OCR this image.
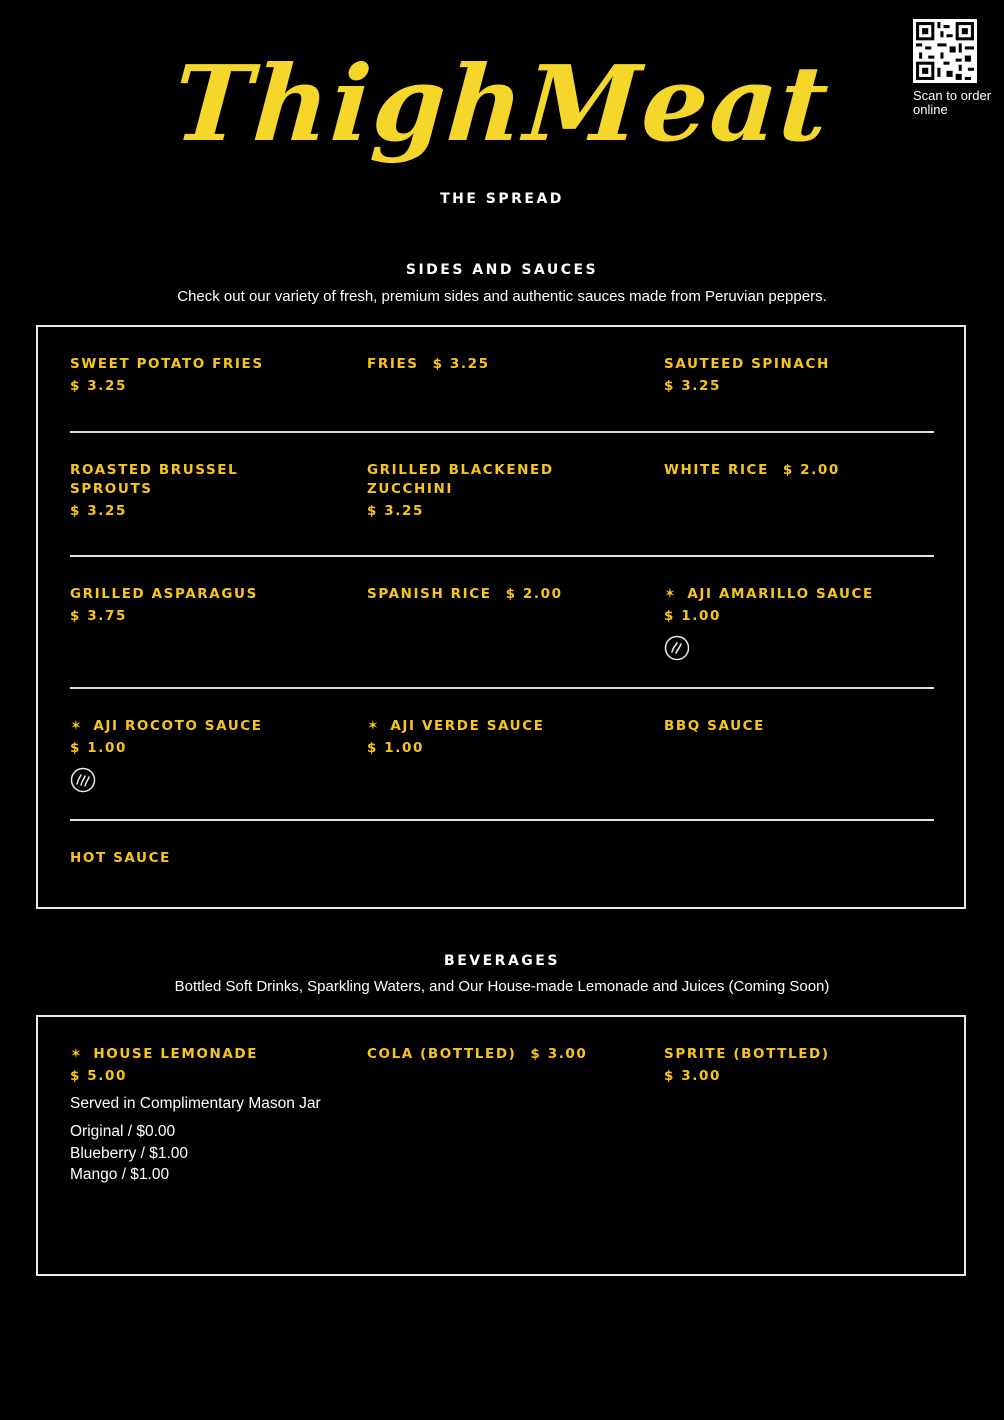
ThighMeat
THE SPREAD
Scan to order online
SIDES AND SAUCES
Check out our variety of fresh, premium sides and authentic sauces made from Peruvian peppers.
SWEET POTATO FRIES
$ 3.25
FRIES $ 3.25	SAUTEED SPINACH
$ 3.25
ROASTED BRUSSEL SPROUTS
$ 3.25
GRILLED BLACKENED ZUCCHINI
$ 3.25
WHITE RICE $ 2.00
GRILLED ASPARAGUS
$ 3.75
SPANISH RICE $ 2.00	✶ AJI AMARILLO SAUCE
$ 1.00
✶ AJI ROCOTO SAUCE
$ 1.00
✶ AJI VERDE SAUCE
$ 1.00
BBQ SAUCE
HOT SAUCE
BEVERAGES
Bottled Soft Drinks, Sparkling Waters, and Our House-made Lemonade and Juices (Coming Soon)
✶ HOUSE LEMONADE
$ 5.00
Served in Complimentary Mason Jar
Original / $0.00
Blueberry / $1.00
Mango / $1.00
COLA (BOTTLED) $ 3.00	SPRITE (BOTTLED)
$ 3.00
